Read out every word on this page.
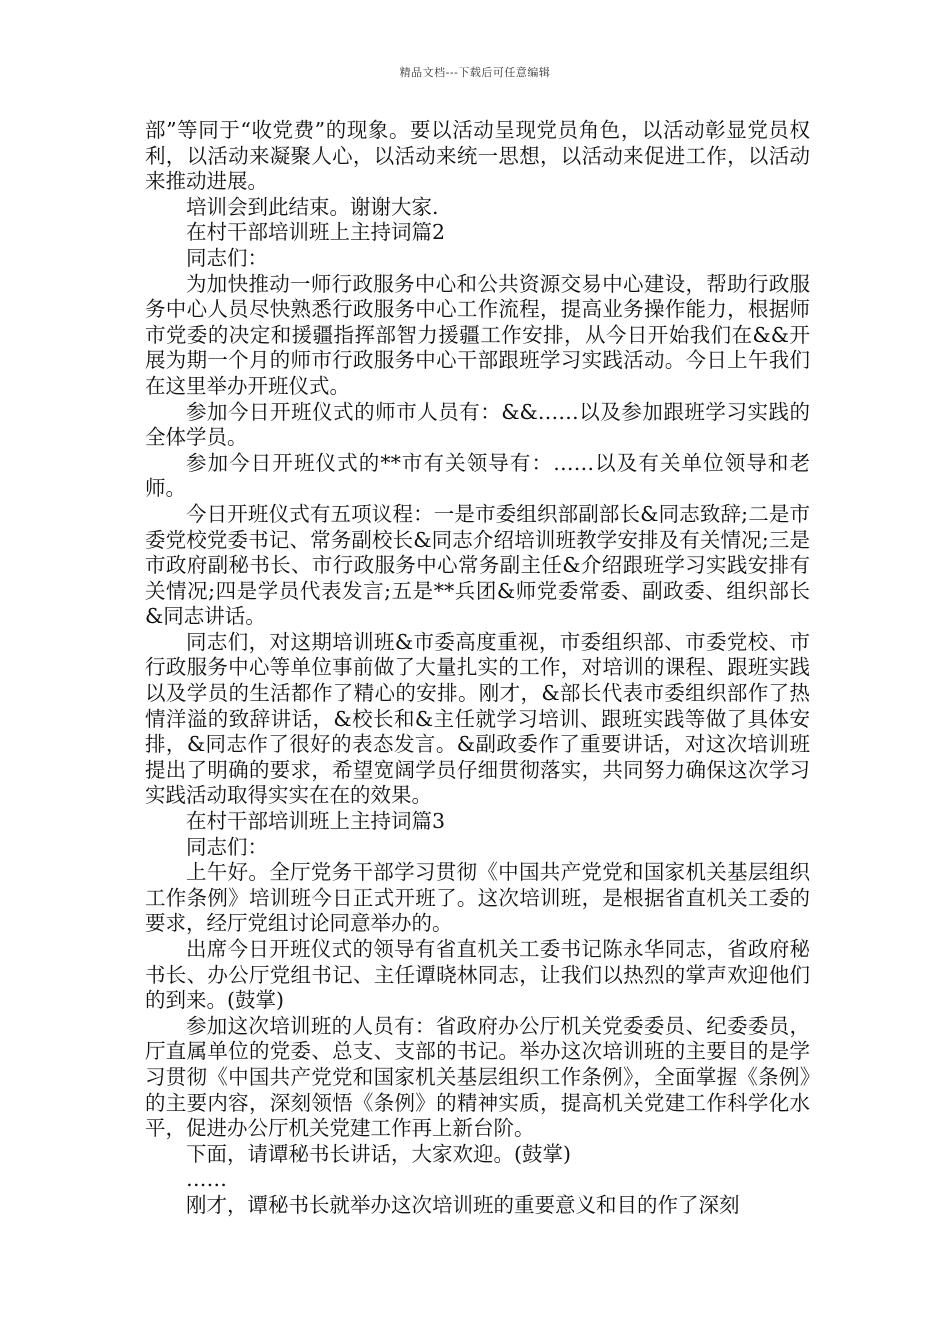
精品文档---下载后可任意编辑

部”等同于“收党费”的现象。要以活动呈现党员角色，以活动彰显党员权利，以活动来凝聚人心，以活动来统一思想，以活动来促进工作，以活动来推动进展。

培训会到此结束。谢谢大家.

在村干部培训班上主持词篇2

同志们：

为加快推动一师行政服务中心和公共资源交易中心建设，帮助行政服务中心人员尽快熟悉行政服务中心工作流程，提高业务操作能力，根据师市党委的决定和援疆指挥部智力援疆工作安排，从今日开始我们在&&开展为期一个月的师市行政服务中心干部跟班学习实践活动。今日上午我们在这里举办开班仪式。

参加今日开班仪式的师市人员有：&&……以及参加跟班学习实践的全体学员。

参加今日开班仪式的**市有关领导有：……以及有关单位领导和老师。

今日开班仪式有五项议程：一是市委组织部副部长&同志致辞;二是市委党校党委书记、常务副校长&同志介绍培训班教学安排及有关情况;三是市政府副秘书长、市行政服务中心常务副主任&介绍跟班学习实践安排有关情况;四是学员代表发言;五是**兵团&师党委常委、副政委、组织部长&同志讲话。

同志们，对这期培训班&市委高度重视，市委组织部、市委党校、市行政服务中心等单位事前做了大量扎实的工作，对培训的课程、跟班实践以及学员的生活都作了精心的安排。刚才，&部长代表市委组织部作了热情洋溢的致辞讲话，&校长和&主任就学习培训、跟班实践等做了具体安排，&同志作了很好的表态发言。&副政委作了重要讲话，对这次培训班提出了明确的要求，希望宽阔学员仔细贯彻落实，共同努力确保这次学习实践活动取得实实在在的效果。

在村干部培训班上主持词篇3

同志们：

上午好。全厅党务干部学习贯彻《中国共产党党和国家机关基层组织工作条例》培训班今日正式开班了。这次培训班，是根据省直机关工委的要求，经厅党组讨论同意举办的。

出席今日开班仪式的领导有省直机关工委书记陈永华同志，省政府秘书长、办公厅党组书记、主任谭晓林同志，让我们以热烈的掌声欢迎他们的到来。(鼓掌)

参加这次培训班的人员有：省政府办公厅机关党委委员、纪委委员，厅直属单位的党委、总支、支部的书记。举办这次培训班的主要目的是学习贯彻《中国共产党党和国家机关基层组织工作条例》，全面掌握《条例》的主要内容，深刻领悟《条例》的精神实质，提高机关党建工作科学化水平，促进办公厅机关党建工作再上新台阶。

下面，请谭秘书长讲话，大家欢迎。(鼓掌)

……

刚才，谭秘书长就举办这次培训班的重要意义和目的作了深刻
